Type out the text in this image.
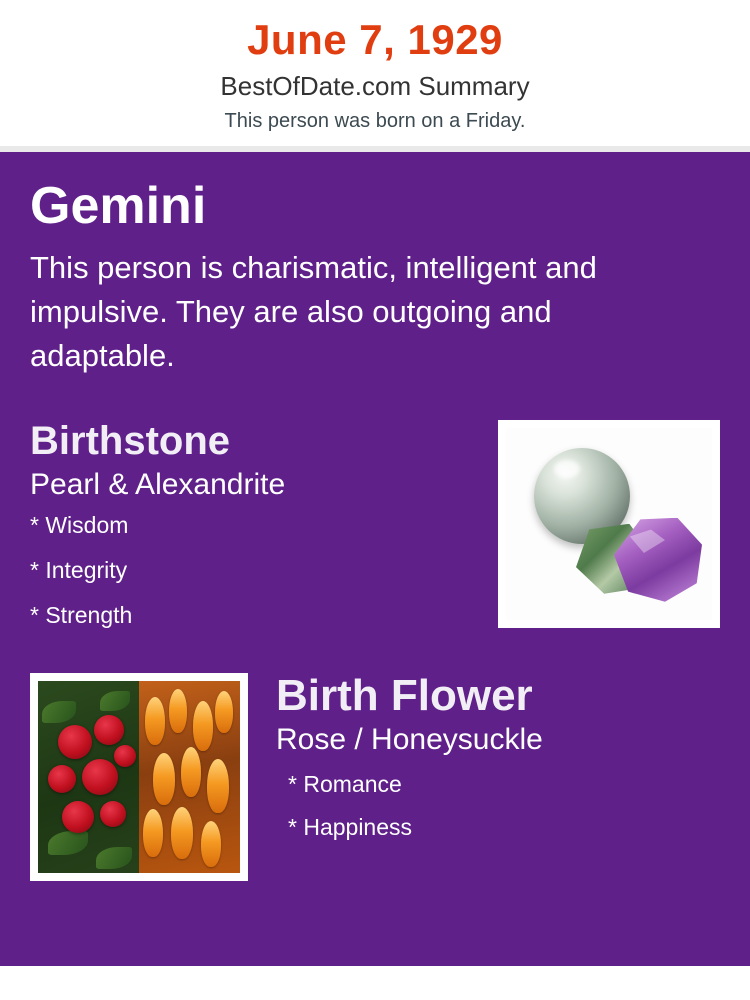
June 7, 1929
BestOfDate.com Summary
This person was born on a Friday.
Gemini
This person is charismatic, intelligent and impulsive. They are also outgoing and adaptable.
Birthstone
Pearl & Alexandrite
* Wisdom
* Integrity
* Strength
Birth Flower
Rose / Honeysuckle
* Romance
* Happiness
